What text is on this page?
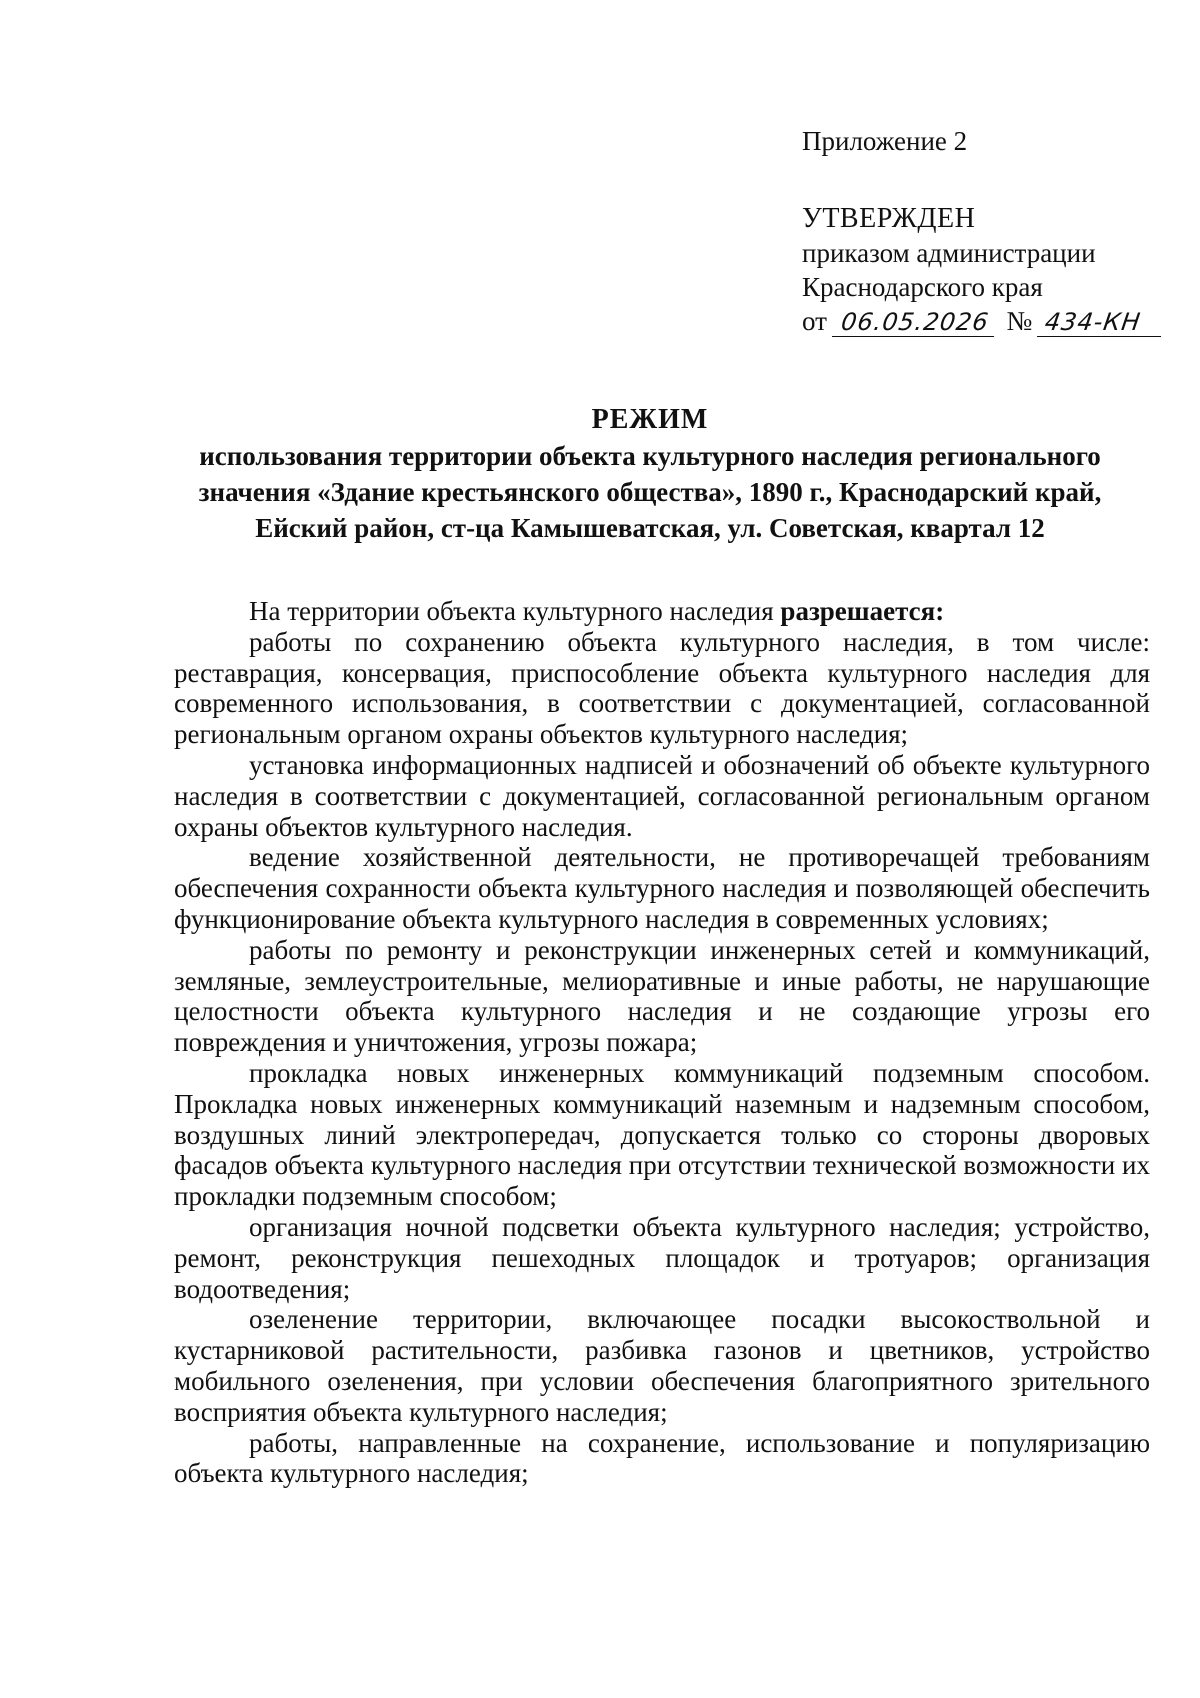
Приложение 2
УТВЕРЖДЕН
приказом администрации
Краснодарского края
от 06.05.2026 № 434-КН
РЕЖИМ
использования территории объекта культурного наследия регионального
значения «Здание крестьянского общества», 1890 г., Краснодарский край,
Ейский район, ст-ца Камышеватская, ул. Советская, квартал 12

На территории объекта культурного наследия разрешается:

работы по сохранению объекта культурного наследия, в том числе: реставрация, консервация, приспособление объекта культурного наследия для современного использования, в соответствии с документацией, согласованной региональным органом охраны объектов культурного наследия;

установка информационных надписей и обозначений об объекте культурного наследия в соответствии с документацией, согласованной региональным органом охраны объектов культурного наследия.

ведение хозяйственной деятельности, не противоречащей требованиям обеспечения сохранности объекта культурного наследия и позволяющей обеспечить функционирование объекта культурного наследия в современных условиях;

работы по ремонту и реконструкции инженерных сетей и коммуникаций, земляные, землеустроительные, мелиоративные и иные работы, не нарушающие целостности объекта культурного наследия и не создающие угрозы его повреждения и уничтожения, угрозы пожара;

прокладка новых инженерных коммуникаций подземным способом. Прокладка новых инженерных коммуникаций наземным и надземным способом, воздушных линий электропередач, допускается только со стороны дворовых фасадов объекта культурного наследия при отсутствии технической возможности их прокладки подземным способом;

организация ночной подсветки объекта культурного наследия; устройство, ремонт, реконструкция пешеходных площадок и тротуаров; организация водоотведения;

озеленение территории, включающее посадки высокоствольной и кустарниковой растительности, разбивка газонов и цветников, устройство мобильного озеленения, при условии обеспечения благоприятного зрительного восприятия объекта культурного наследия;

работы, направленные на сохранение, использование и популяризацию объекта культурного наследия;
